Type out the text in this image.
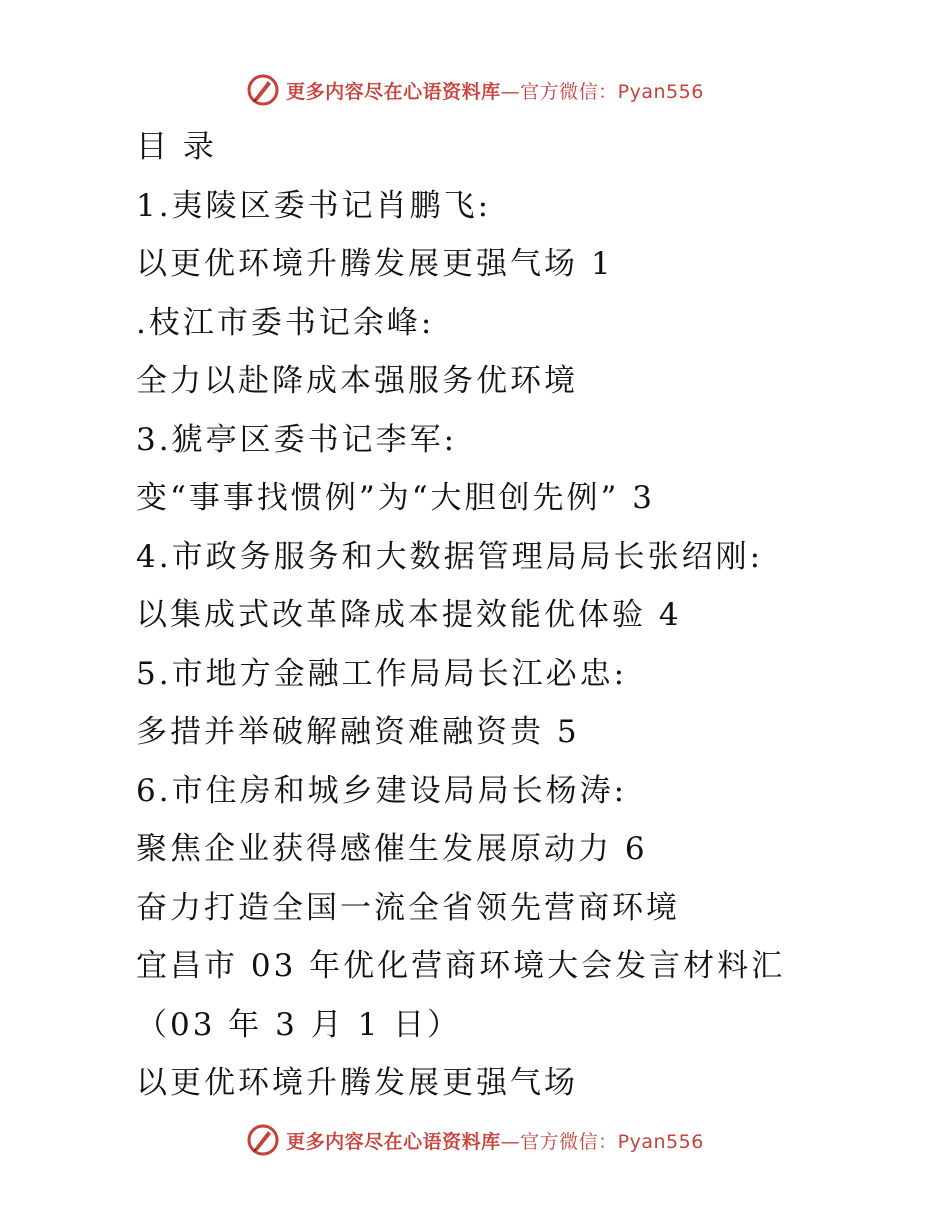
更多内容尽在心语资料库—官方微信：Pyan556
目 录
1.夷陵区委书记肖鹏飞:
以更优环境升腾发展更强气场 1
.枝江市委书记余峰:
全力以赴降成本强服务优环境
3.猇亭区委书记李军:
变“事事找惯例”为“大胆创先例” 3
4.市政务服务和大数据管理局局长张绍刚:
以集成式改革降成本提效能优体验 4
5.市地方金融工作局局长江必忠:
多措并举破解融资难融资贵 5
6.市住房和城乡建设局局长杨涛:
聚焦企业获得感催生发展原动力 6
奋力打造全国一流全省领先营商环境
宜昌市 03 年优化营商环境大会发言材料汇
（03 年 3 月 1 日）
以更优环境升腾发展更强气场
更多内容尽在心语资料库—官方微信：Pyan556
